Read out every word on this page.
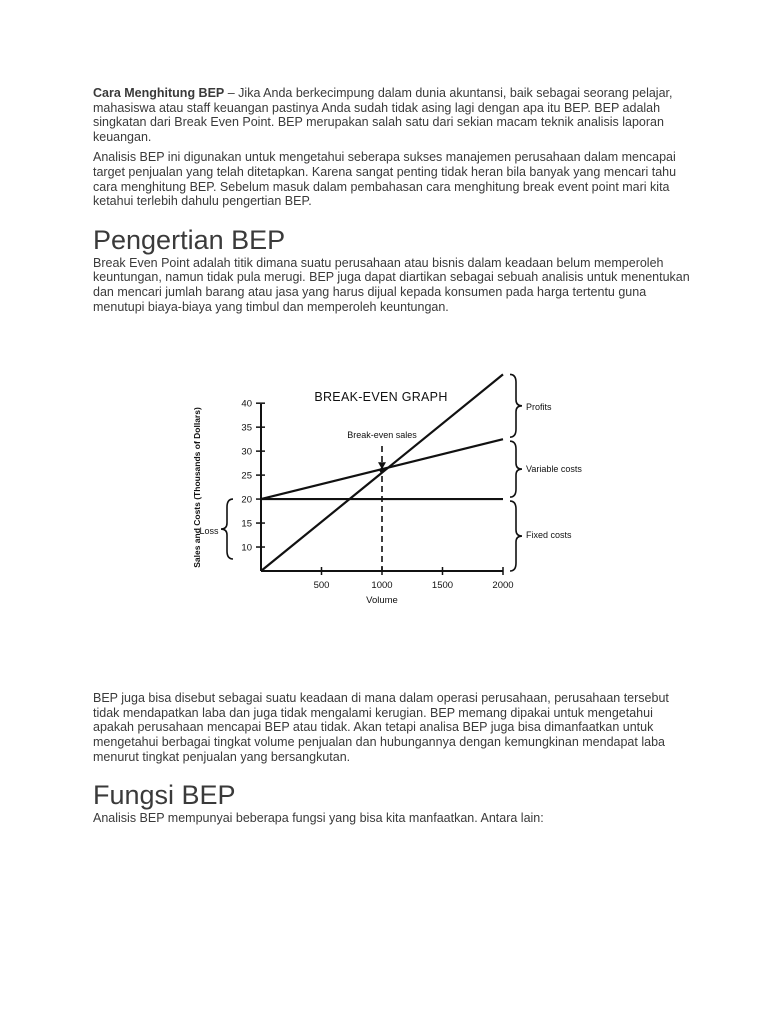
Cara Menghitung BEP – Jika Anda berkecimpung dalam dunia akuntansi, baik sebagai seorang pelajar, mahasiswa atau staff keuangan pastinya Anda sudah tidak asing lagi dengan apa itu BEP. BEP adalah singkatan dari Break Even Point. BEP merupakan salah satu dari sekian macam teknik analisis laporan keuangan.

Analisis BEP ini digunakan untuk mengetahui seberapa sukses manajemen perusahaan dalam mencapai target penjualan yang telah ditetapkan. Karena sangat penting tidak heran bila banyak yang mencari tahu cara menghitung BEP. Sebelum masuk dalam pembahasan cara menghitung break event point mari kita ketahui terlebih dahulu pengertian BEP.

Pengertian BEP

Break Even Point adalah titik dimana suatu perusahaan atau bisnis dalam keadaan belum memperoleh keuntungan, namun tidak pula merugi. BEP juga dapat diartikan sebagai sebuah analisis untuk menentukan dan mencari jumlah barang atau jasa yang harus dijual kepada konsumen pada harga tertentu guna menutupi biaya-biaya yang timbul dan memperoleh keuntungan.

BREAK-EVEN GRAPH
10
15
20
25
30
35
40
500	1000	1500	2000
Volume
Sales and Costs (Thousands of Dollars)	Break-even sales
Profits
Variable costs
Fixed costs
Loss

BEP juga bisa disebut sebagai suatu keadaan di mana dalam operasi perusahaan, perusahaan tersebut tidak mendapatkan laba dan juga tidak mengalami kerugian. BEP memang dipakai untuk mengetahui apakah perusahaan mencapai BEP atau tidak. Akan tetapi analisa BEP juga bisa dimanfaatkan untuk mengetahui berbagai tingkat volume penjualan dan hubungannya dengan kemungkinan mendapat laba menurut tingkat penjualan yang bersangkutan.

Fungsi BEP

Analisis BEP mempunyai beberapa fungsi yang bisa kita manfaatkan. Antara lain:
